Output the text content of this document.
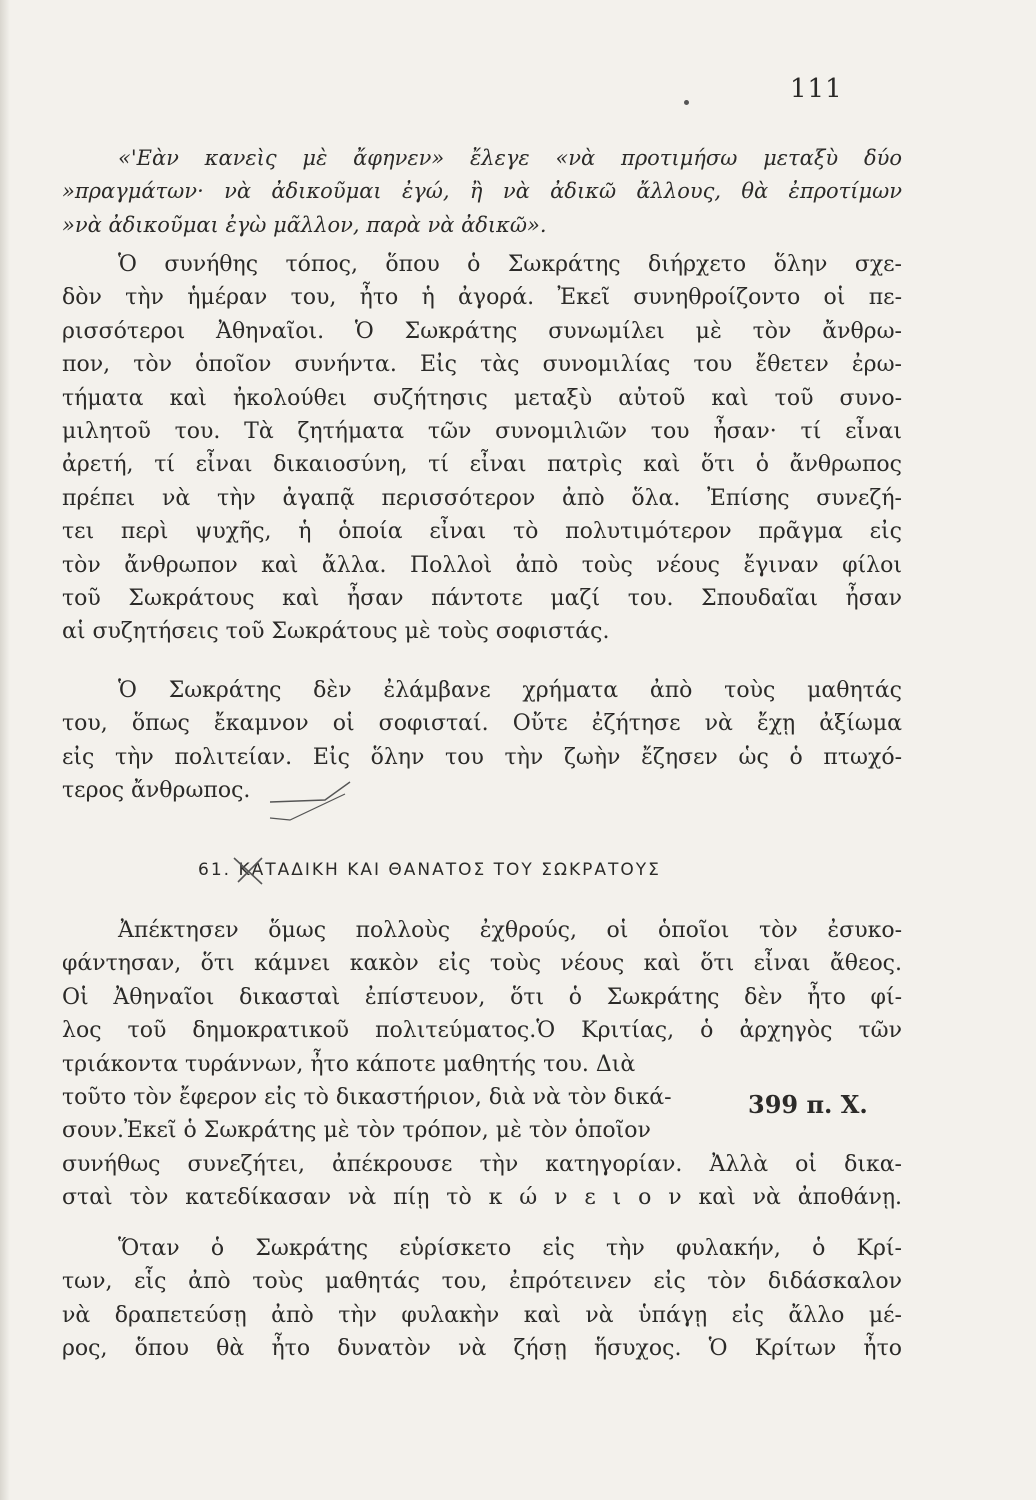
111
«'Εὰν κανεὶς μὲ ἄφηνεν» ἔλεγε «νὰ προτιμήσω μεταξὺ δύο
»πραγμάτων· νὰ ἀδικοῦμαι ἐγώ, ἢ νὰ ἀδικῶ ἄλλους, θὰ ἐπροτίμων
»νὰ ἀδικοῦμαι ἐγὼ μᾶλλον, παρὰ νὰ ἀδικῶ».
Ὁ συνήθης τόπος, ὅπου ὁ Σωκράτης διήρχετο ὅλην σχε-
δὸν τὴν ἡμέραν του, ἦτο ἡ ἀγορά. Ἐκεῖ συνηθροίζοντο οἱ πε-
ρισσότεροι Ἀθηναῖοι. Ὁ Σωκράτης συνωμίλει μὲ τὸν ἄνθρω-
πον, τὸν ὁποῖον συνήντα. Εἰς τὰς συνομιλίας του ἔθετεν ἐρω-
τήματα καὶ ἠκολούθει συζήτησις μεταξὺ αὐτοῦ καὶ τοῦ συνο-
μιλητοῦ του. Τὰ ζητήματα τῶν συνομιλιῶν του ἦσαν· τί εἶναι
ἀρετή, τί εἶναι δικαιοσύνη, τί εἶναι πατρὶς καὶ ὅτι ὁ ἄνθρωπος
πρέπει νὰ τὴν ἀγαπᾷ περισσότερον ἀπὸ ὅλα. Ἐπίσης συνεζή-
τει περὶ ψυχῆς, ἡ ὁποία εἶναι τὸ πολυτιμότερον πρᾶγμα εἰς
τὸν ἄνθρωπον καὶ ἄλλα. Πολλοὶ ἀπὸ τοὺς νέους ἔγιναν φίλοι
τοῦ Σωκράτους καὶ ἦσαν πάντοτε μαζί του. Σπουδαῖαι ἦσαν
αἱ συζητήσεις τοῦ Σωκράτους μὲ τοὺς σοφιστάς.
Ὁ Σωκράτης δὲν ἐλάμβανε χρήματα ἀπὸ τοὺς μαθητάς
του, ὅπως ἔκαμνον οἱ σοφισταί. Οὔτε ἐζήτησε νὰ ἔχῃ ἀξίωμα
εἰς τὴν πολιτείαν. Εἰς ὅλην του τὴν ζωὴν ἔζησεν ὡς ὁ πτωχό-
τερος ἄνθρωπος.
61. ΚΑΤΑΔΙΚΗ ΚΑΙ ΘΑΝΑΤΟΣ ΤΟΥ ΣΩΚΡΑΤΟΥΣ
Ἀπέκτησεν ὅμως πολλοὺς ἐχθρούς, οἱ ὁποῖοι τὸν ἐσυκο-
φάντησαν, ὅτι κάμνει κακὸν εἰς τοὺς νέους καὶ ὅτι εἶναι ἄθεος.
Οἱ Ἀθηναῖοι δικασταὶ ἐπίστευον, ὅτι ὁ Σωκράτης δὲν ἦτο φί-
λος τοῦ δημοκρατικοῦ πολιτεύματος.Ὁ Κριτίας, ὁ ἀρχηγὸς τῶν
τριάκοντα τυράννων, ἦτο κάποτε μαθητής του. Διὰ
τοῦτο τὸν ἔφερον εἰς τὸ δικαστήριον, διὰ νὰ τὸν δικά-
σουν.Ἐκεῖ ὁ Σωκράτης μὲ τὸν τρόπον, μὲ τὸν ὁποῖον
συνήθως συνεζήτει, ἀπέκρουσε τὴν κατηγορίαν. Ἀλλὰ οἱ δικα-
σταὶ τὸν κατεδίκασαν νὰ πίῃ τὸ κ ώ ν ε ι ο ν καὶ νὰ ἀποθάνῃ.
399 π. Χ.
Ὅταν ὁ Σωκράτης εὑρίσκετο εἰς τὴν φυλακήν, ὁ Κρί-
των, εἷς ἀπὸ τοὺς μαθητάς του, ἐπρότεινεν εἰς τὸν διδάσκαλον
νὰ δραπετεύσῃ ἀπὸ τὴν φυλακὴν καὶ νὰ ὑπάγῃ εἰς ἄλλο μέ-
ρος, ὅπου θὰ ἦτο δυνατὸν νὰ ζήσῃ ἥσυχος. Ὁ Κρίτων ἦτο
